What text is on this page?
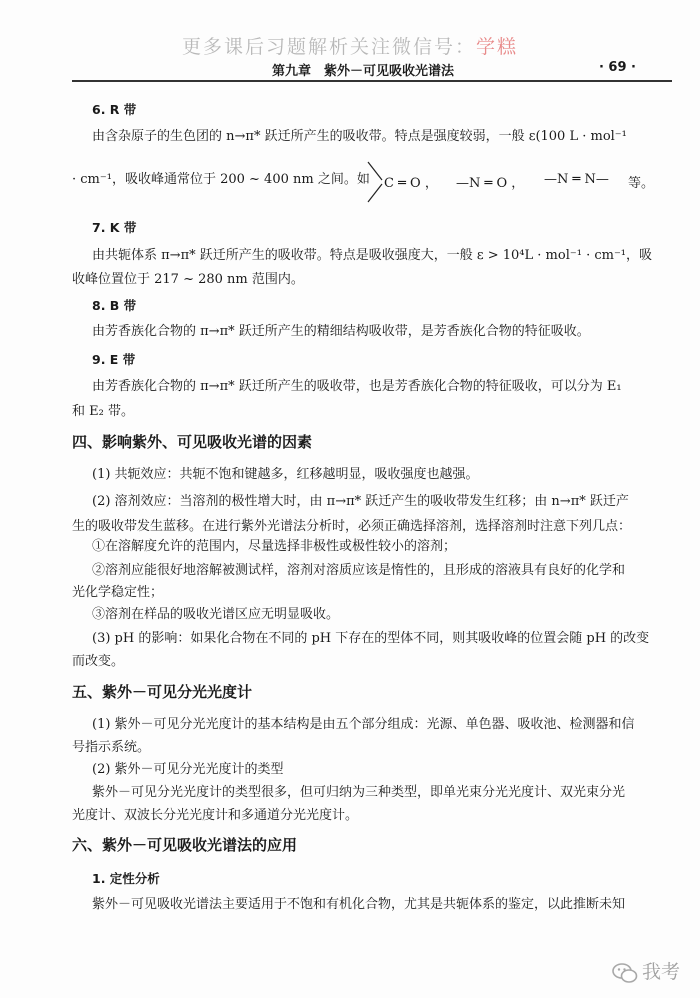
更多课后习题解析关注微信号：学糕
第九章　紫外－可见吸收光谱法	· 69 ·
6. R 带
由含杂原子的生色团的 n→π* 跃迁所产生的吸收带。特点是强度较弱，一般 ε(100 L · mol⁻¹
· cm⁻¹，吸收峰通常位于 200 ~ 400 nm 之间。如 C ═ O ， —N ═ O ， —N ═ N— 等。
7. K 带
由共轭体系 π→π* 跃迁所产生的吸收带。特点是吸收强度大，一般 ε > 10⁴L · mol⁻¹ · cm⁻¹，吸
收峰位置位于 217 ~ 280 nm 范围内。
8. B 带
由芳香族化合物的 π→π* 跃迁所产生的精细结构吸收带，是芳香族化合物的特征吸收。
9. E 带
由芳香族化合物的 π→π* 跃迁所产生的吸收带，也是芳香族化合物的特征吸收，可以分为 E₁
和 E₂ 带。
四、影响紫外、可见吸收光谱的因素
(1) 共轭效应：共轭不饱和键越多，红移越明显，吸收强度也越强。
(2) 溶剂效应：当溶剂的极性增大时，由 π→π* 跃迁产生的吸收带发生红移；由 n→π* 跃迁产
生的吸收带发生蓝移。在进行紫外光谱法分析时，必须正确选择溶剂，选择溶剂时注意下列几点：
①在溶解度允许的范围内，尽量选择非极性或极性较小的溶剂；
②溶剂应能很好地溶解被测试样，溶剂对溶质应该是惰性的，且形成的溶液具有良好的化学和
光化学稳定性；
③溶剂在样品的吸收光谱区应无明显吸收。
(3) pH 的影响：如果化合物在不同的 pH 下存在的型体不同，则其吸收峰的位置会随 pH 的改变
而改变。
五、紫外－可见分光光度计
(1) 紫外－可见分光光度计的基本结构是由五个部分组成：光源、单色器、吸收池、检测器和信
号指示系统。
(2) 紫外－可见分光光度计的类型
紫外－可见分光光度计的类型很多，但可归纳为三种类型，即单光束分光光度计、双光束分光
光度计、双波长分光光度计和多通道分光光度计。
六、紫外－可见吸收光谱法的应用
1. 定性分析
紫外－可见吸收光谱法主要适用于不饱和有机化合物，尤其是共轭体系的鉴定，以此推断未知
我考
